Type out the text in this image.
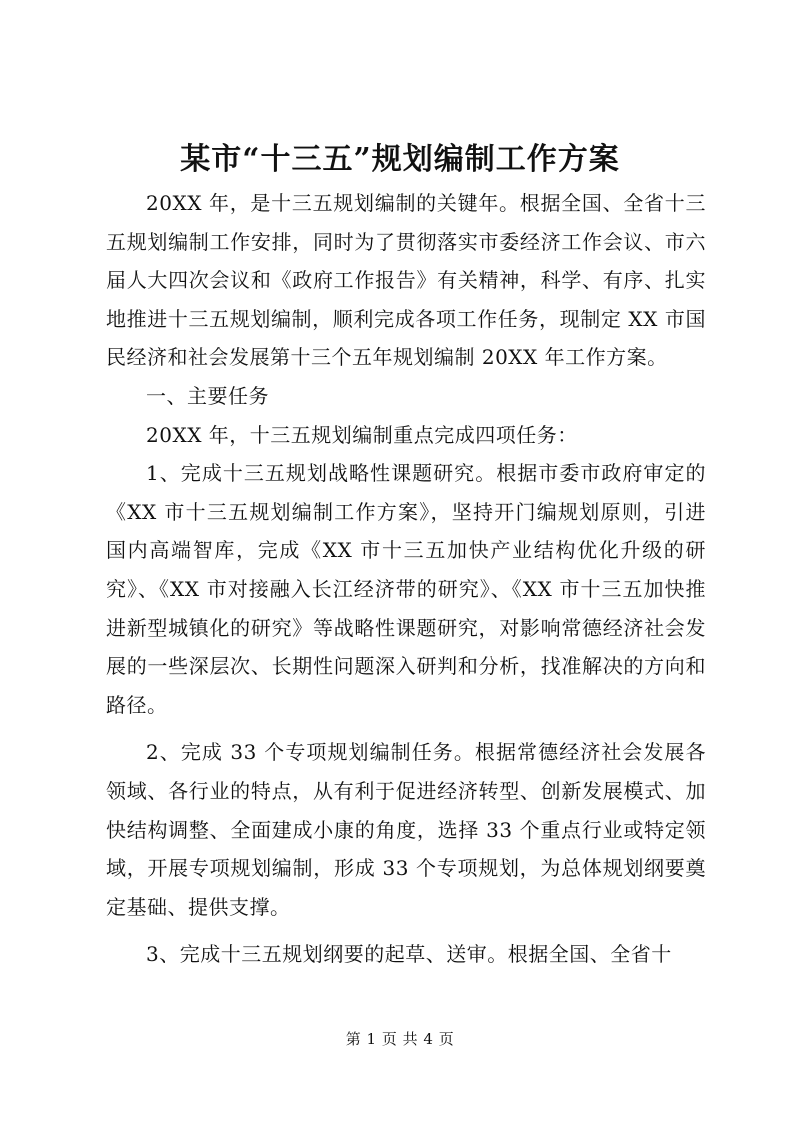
某市“十三五”规划编制工作方案

20XX 年，是十三五规划编制的关键年。根据全国、全省十三五规划编制工作安排，同时为了贯彻落实市委经济工作会议、市六届人大四次会议和《政府工作报告》有关精神，科学、有序、扎实地推进十三五规划编制，顺利完成各项工作任务，现制定 XX 市国民经济和社会发展第十三个五年规划编制 20XX 年工作方案。

一、主要任务

20XX 年，十三五规划编制重点完成四项任务：

1、完成十三五规划战略性课题研究。根据市委市政府审定的《XX 市十三五规划编制工作方案》，坚持开门编规划原则，引进国内高端智库，完成《XX 市十三五加快产业结构优化升级的研究》、《XX 市对接融入长江经济带的研究》、《XX 市十三五加快推进新型城镇化的研究》等战略性课题研究，对影响常德经济社会发展的一些深层次、长期性问题深入研判和分析，找准解决的方向和路径。

2、完成 33 个专项规划编制任务。根据常德经济社会发展各领域、各行业的特点，从有利于促进经济转型、创新发展模式、加快结构调整、全面建成小康的角度，选择 33 个重点行业或特定领域，开展专项规划编制，形成 33 个专项规划，为总体规划纲要奠定基础、提供支撑。

3、完成十三五规划纲要的起草、送审。根据全国、全省十

第 1 页 共 4 页
